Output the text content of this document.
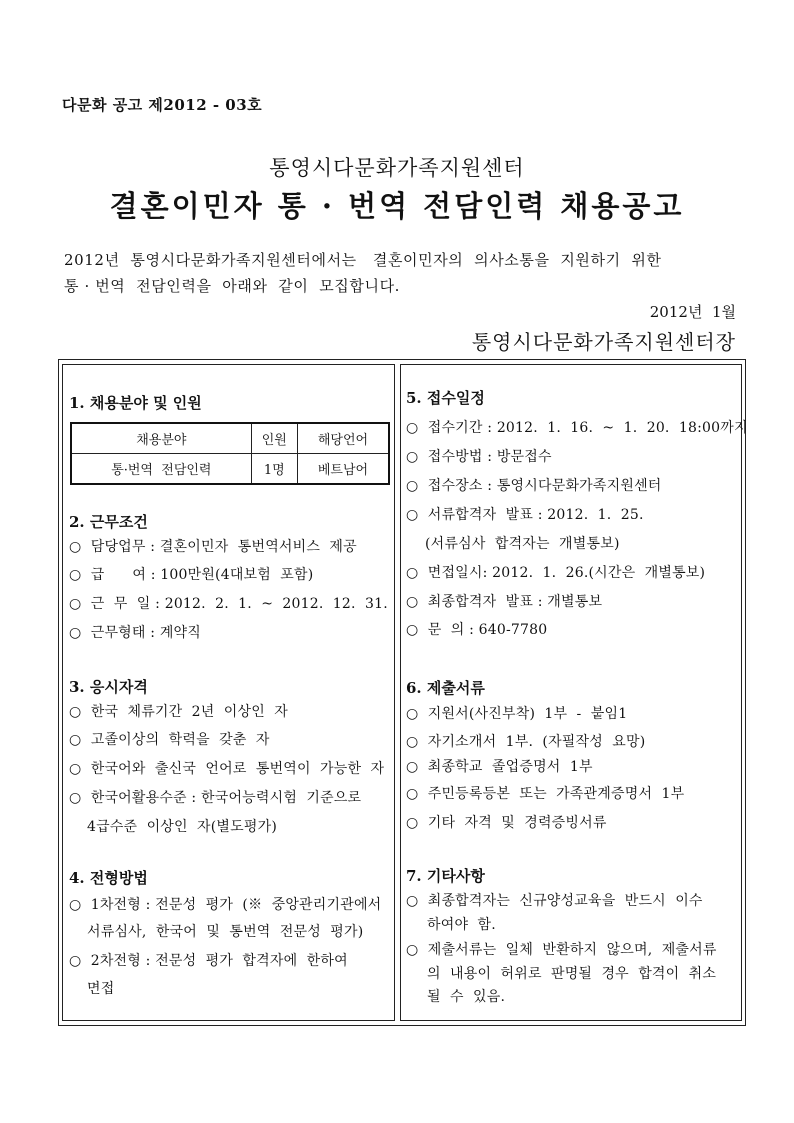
다문화 공고 제2012 - 03호
통영시다문화가족지원센터
결혼이민자 통 · 번역 전담인력 채용공고
2012년  통영시다문화가족지원센터에서는   결혼이민자의  의사소통을  지원하기  위한
통 · 번역  전담인력을  아래와  같이  모집합니다.
2012년  1월
통영시다문화가족지원센터장
1. 채용분야 및 인원
채용분야	인원	해당언어
통·번역  전담인력	1명	베트남어
2. 근무조건
○  담당업무 : 결혼이민자  통번역서비스  제공
○  급      여 : 100만원(4대보험  포함)
○  근  무  일 : 2012.  2.  1.  ~  2012.  12.  31.
○  근무형태 : 계약직
3. 응시자격
○  한국  체류기간  2년  이상인  자
○  고졸이상의  학력을  갖춘  자
○  한국어와  출신국  언어로  통번역이  가능한  자
○  한국어활용수준 : 한국어능력시험  기준으로
4급수준  이상인  자(별도평가)
4. 전형방법
○  1차전형 : 전문성  평가  (※  중앙관리기관에서
서류심사,  한국어  및  통번역  전문성  평가)
○  2차전형 : 전문성  평가  합격자에  한하여
면접
5. 접수일정
○  접수기간 : 2012.  1.  16.  ~  1.  20.  18:00까지
○  접수방법 : 방문접수
○  접수장소 : 통영시다문화가족지원센터
○  서류합격자  발표 : 2012.  1.  25.
(서류심사  합격자는  개별통보)
○  면접일시: 2012.  1.  26.(시간은  개별통보)
○  최종합격자  발표 : 개별통보
○  문  의 : 640-7780
6. 제출서류
○  지원서(사진부착)  1부  -  붙임1
○  자기소개서  1부.  (자필작성  요망)
○  최종학교  졸업증명서  1부
○  주민등록등본  또는  가족관계증명서  1부
○  기타  자격  및  경력증빙서류
7. 기타사항
○  최종합격자는  신규양성교육을  반드시  이수
하여야  함.
○  제출서류는  일체  반환하지  않으며,  제출서류
의  내용이  허위로  판명될  경우  합격이  취소
될  수  있음.
